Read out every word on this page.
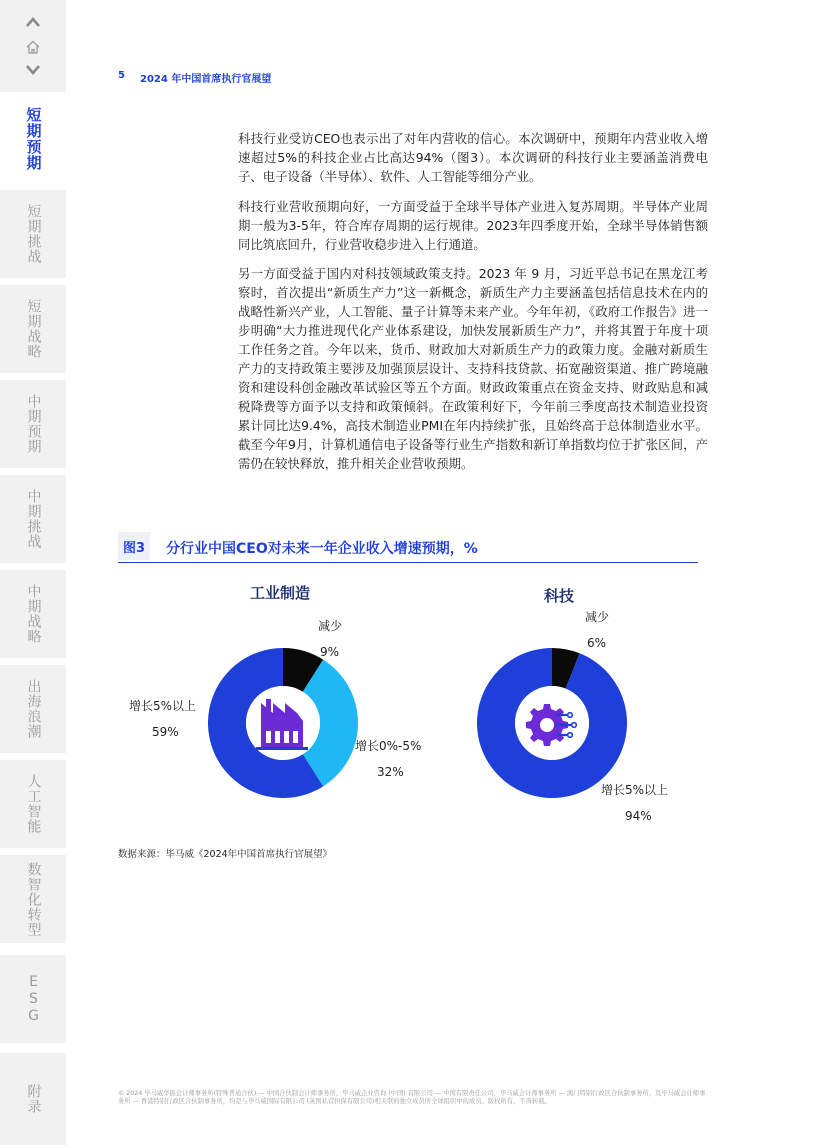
短期预期
短期挑战
短期战略
中期预期
中期挑战
中期战略
出海浪潮
人工智能
数智化转型
ESG
附录
5 2024 年中国首席执行官展望

科技行业受访CEO也表示出了对年内营收的信心。本次调研中，预期年内营业收入增速超过5%的科技企业占比高达94%（图3）。本次调研的科技行业主要涵盖消费电子、电子设备（半导体）、软件、人工智能等细分产业。

科技行业营收预期向好，一方面受益于全球半导体产业进入复苏周期。半导体产业周期一般为3-5年，符合库存周期的运行规律。2023年四季度开始，全球半导体销售额同比筑底回升，行业营收稳步进入上行通道。

另一方面受益于国内对科技领域政策支持。2023 年 9 月，习近平总书记在黑龙江考察时，首次提出“新质生产力”这一新概念，新质生产力主要涵盖包括信息技术在内的战略性新兴产业，人工智能、量子计算等未来产业。今年年初，《政府工作报告》进一步明确“大力推进现代化产业体系建设，加快发展新质生产力”，并将其置于年度十项工作任务之首。今年以来，货币、财政加大对新质生产力的政策力度。金融对新质生产力的支持政策主要涉及加强顶层设计、支持科技贷款、拓宽融资渠道、推广跨境融资和建设科创金融改革试验区等五个方面。财政政策重点在资金支持、财政贴息和减税降费等方面予以支持和政策倾斜。在政策利好下，今年前三季度高技术制造业投资累计同比达9.4%，高技术制造业PMI在年内持续扩张，且始终高于总体制造业水平。截至今年9月，计算机通信电子设备等行业生产指数和新订单指数均位于扩张区间，产需仍在较快释放，推升相关企业营收预期。

图3	分行业中国CEO对未来一年企业收入增速预期，%
工业制造
减少
9%
增长0%-5%
32%
增长5%以上
59%
科技
减少
6%
增长5%以上
94%
数据来源：毕马威《2024年中国首席执行官展望》
© 2024 毕马威华振会计师事务所(特殊普通合伙) — 中国合伙制会计师事务所，毕马威企业咨询 (中国) 有限公司 — 中国有限责任公司，毕马威会计师事务所 — 澳门特别行政区合伙制事务所，及毕马威会计师事务所 — 香港特别行政区合伙制事务所，均是与毕马威国际有限公司 (英国私营担保有限公司)相关联的独立成员所全球组织中的成员。版权所有，不得转载。
